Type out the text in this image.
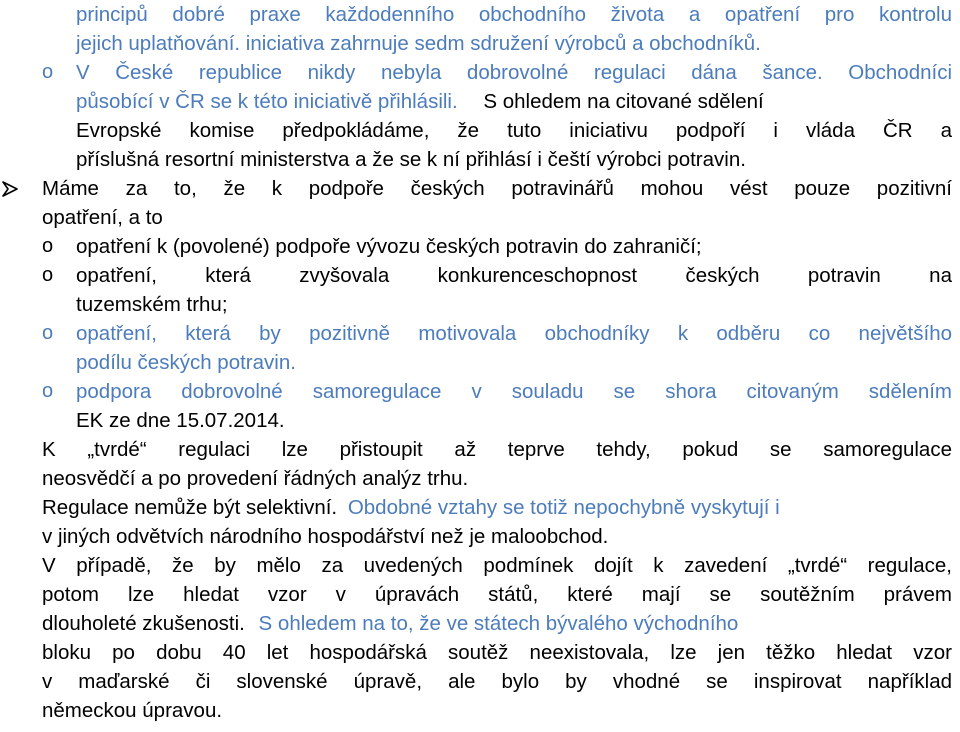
principů dobré praxe každodenního obchodního života a opatření pro kontrolu
jejich uplatňování. iniciativa zahrnuje sedm sdružení výrobců a obchodníků.
o	V České republice nikdy nebyla dobrovolné regulaci dána šance. Obchodníci
působící v ČR se k této iniciativě přihlásili. S ohledem na citované sdělení
Evropské komise předpokládáme, že tuto iniciativu podpoří i vláda ČR a
příslušná resortní ministerstva a že se k ní přihlásí i čeští výrobci potravin.
Máme za to, že k podpoře českých potravinářů mohou vést pouze pozitivní
opatření, a to
o	opatření k (povolené) podpoře vývozu českých potravin do zahraničí;
o	opatření, která zvyšovala konkurenceschopnost českých potravin na
tuzemském trhu;
o	opatření, která by pozitivně motivovala obchodníky k odběru co největšího
podílu českých potravin.
o	podpora dobrovolné samoregulace v souladu se shora citovaným sdělením
EK ze dne 15.07.2014.
K „tvrdé“ regulaci lze přistoupit až teprve tehdy, pokud se samoregulace
neosvědčí a po provedení řádných analýz trhu.
Regulace nemůže být selektivní. Obdobné vztahy se totiž nepochybně vyskytují i
v jiných odvětvích národního hospodářství než je maloobchod.
V případě, že by mělo za uvedených podmínek dojít k zavedení „tvrdé“ regulace,
potom lze hledat vzor v úpravách států, které mají se soutěžním právem
dlouholeté zkušenosti. S ohledem na to, že ve státech bývalého východního
bloku po dobu 40 let hospodářská soutěž neexistovala, lze jen těžko hledat vzor
v maďarské či slovenské úpravě, ale bylo by vhodné se inspirovat například
německou úpravou.
